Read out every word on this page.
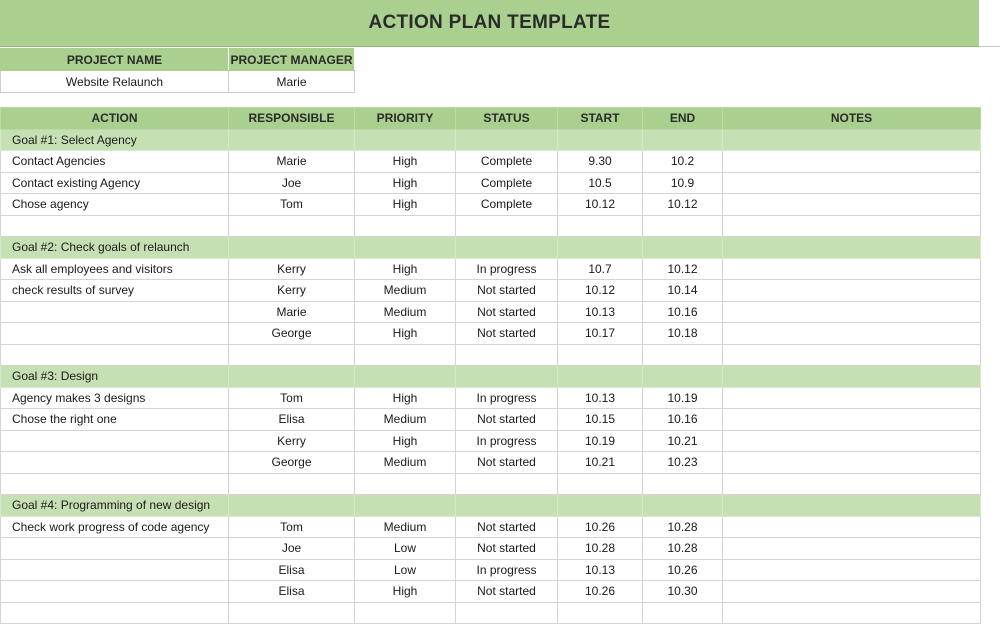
ACTION PLAN TEMPLATE
PROJECT NAME	PROJECT MANAGER
Website Relaunch	Marie
ACTION	RESPONSIBLE	PRIORITY	STATUS	START	END	NOTES
Goal #1: Select Agency						
Contact Agencies	Marie	High	Complete	9.30	10.2	
Contact existing Agency	Joe	High	Complete	10.5	10.9	
Chose agency	Tom	High	Complete	10.12	10.12	

Goal #2: Check goals of relaunch						
Ask all employees and visitors	Kerry	High	In progress	10.7	10.12	
check results of survey	Kerry	Medium	Not started	10.12	10.14	
	Marie	Medium	Not started	10.13	10.16	
	George	High	Not started	10.17	10.18	

Goal #3: Design						
Agency makes 3 designs	Tom	High	In progress	10.13	10.19	
Chose the right one	Elisa	Medium	Not started	10.15	10.16	
	Kerry	High	In progress	10.19	10.21	
	George	Medium	Not started	10.21	10.23	

Goal #4: Programming of new design						
Check work progress of code agency	Tom	Medium	Not started	10.26	10.28	
	Joe	Low	Not started	10.28	10.28	
	Elisa	Low	In progress	10.13	10.26	
	Elisa	High	Not started	10.26	10.30	
